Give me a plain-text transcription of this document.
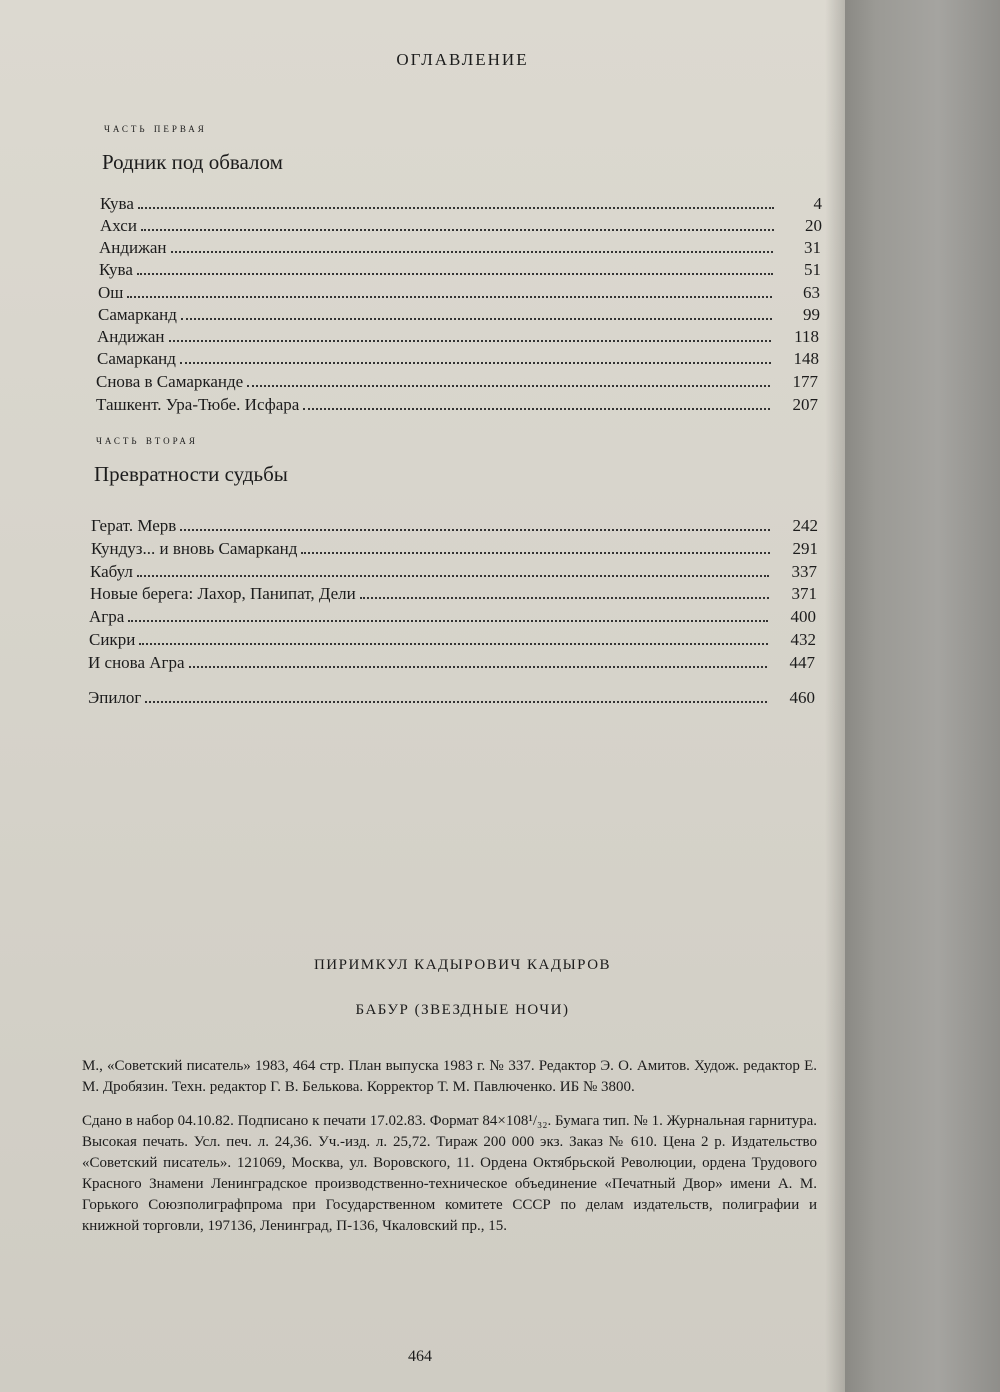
ОГЛАВЛЕНИЕ
часть первая
Родник под обвалом
Кува	4
Ахси	20
Андижан	31
Кува	51
Ош	63
Самарканд	99
Андижан	118
Самарканд	148
Снова в Самарканде	177
Ташкент. Ура-Тюбе. Исфара	207
часть вторая
Превратности судьбы
Герат. Мерв	242
Кундуз... и вновь Самарканд	291
Кабул	337
Новые берега: Лахор, Панипат, Дели	371
Агра	400
Сикри	432
И снова Агра	447
Эпилог	460
ПИРИМКУЛ КАДЫРОВИЧ КАДЫРОВ
БАБУР (ЗВЕЗДНЫЕ НОЧИ)

М., «Советский писатель» 1983, 464 стр. План выпуска 1983 г. № 337. Редактор Э. О. Амитов. Худож. редактор Е. М. Дробязин. Техн. редактор Г. В. Белькова. Корректор Т. М. Павлюченко. ИБ № 3800.

Сдано в набор 04.10.82. Подписано к печати 17.02.83. Формат 84×108¹/₃₂. Бумага тип. № 1. Журнальная гарнитура. Высокая печать. Усл. печ. л. 24,36. Уч.-изд. л. 25,72. Тираж 200 000 экз. Заказ № 610. Цена 2 р. Издательство «Советский писатель». 121069, Москва, ул. Воровского, 11. Ордена Октябрьской Революции, ордена Трудового Красного Знамени Ленинградское производственно-техническое объединение «Печатный Двор» имени А. М. Горького Союзполиграфпрома при Государственном комитете СССР по делам издательств, полиграфии и книжной торговли, 197136, Ленинград, П-136, Чкаловский пр., 15.

464
